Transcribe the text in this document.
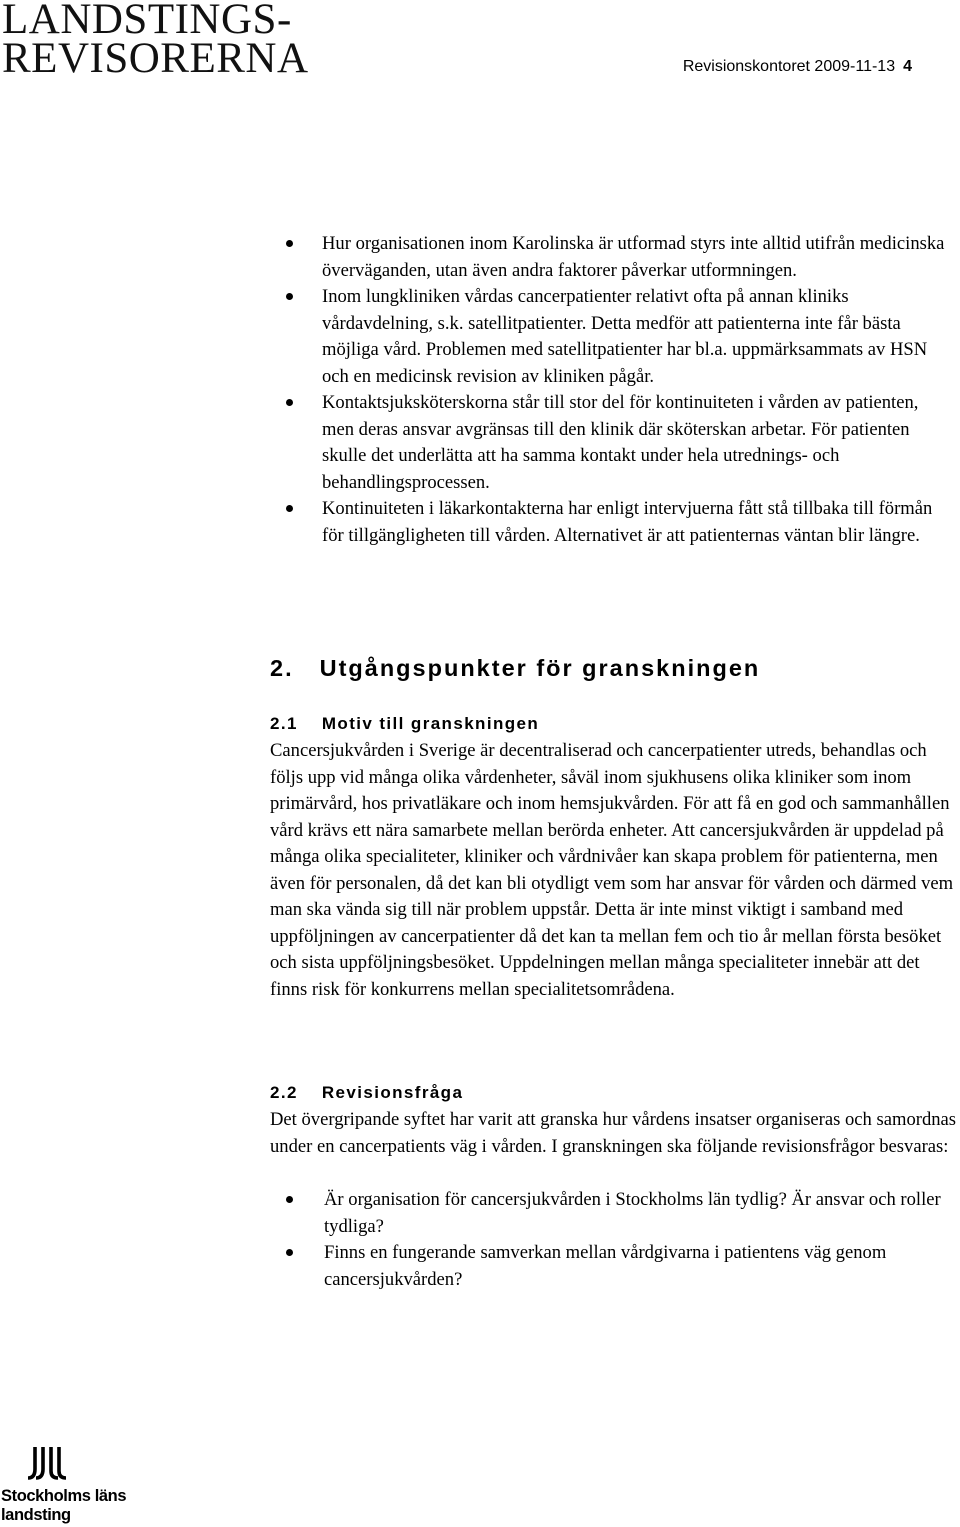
LANDSTINGS-
REVISORERNA	Revisionskontoret 2009-11-13 4
Hur organisationen inom Karolinska är utformad styrs inte alltid utifrån medicinska överväganden, utan även andra faktorer påverkar utformningen.
Inom lungkliniken vårdas cancerpatienter relativt ofta på annan kliniks vårdavdelning, s.k. satellitpatienter. Detta medför att patienterna inte får bästa möjliga vård. Problemen med satellitpatienter har bl.a. uppmärksammats av HSN och en medicinsk revision av kliniken pågår.
Kontaktsjuksköterskorna står till stor del för kontinuiteten i vården av patienten, men deras ansvar avgränsas till den klinik där sköterskan arbetar. För patienten skulle det underlätta att ha samma kontakt under hela utrednings- och behandlingsprocessen.
Kontinuiteten i läkarkontakterna har enligt intervjuerna fått stå tillbaka till förmån för tillgängligheten till vården. Alternativet är att patienternas väntan blir längre.
2. Utgångspunkter för granskningen
2.1 Motiv till granskningen

Cancersjukvården i Sverige är decentraliserad och cancerpatienter utreds, behandlas och följs upp vid många olika vårdenheter, såväl inom sjukhusens olika kliniker som inom primärvård, hos privatläkare och inom hemsjukvården. För att få en god och sammanhållen vård krävs ett nära samarbete mellan berörda enheter. Att cancersjukvården är uppdelad på många olika specialiteter, kliniker och vårdnivåer kan skapa problem för patienterna, men även för personalen, då det kan bli otydligt vem som har ansvar för vården och därmed vem man ska vända sig till när problem uppstår. Detta är inte minst viktigt i samband med uppföljningen av cancerpatienter då det kan ta mellan fem och tio år mellan första besöket och sista uppföljningsbesöket. Uppdelningen mellan många specialiteter innebär att det finns risk för konkurrens mellan specialitetsområdena.

2.2 Revisionsfråga

Det övergripande syftet har varit att granska hur vårdens insatser organiseras och samordnas under en cancerpatients väg i vården. I granskningen ska följande revisionsfrågor besvaras:

Är organisation för cancersjukvården i Stockholms län tydlig? Är ansvar och roller tydliga?
Finns en fungerande samverkan mellan vårdgivarna i patientens väg genom cancersjukvården?
Stockholms läns
landsting
